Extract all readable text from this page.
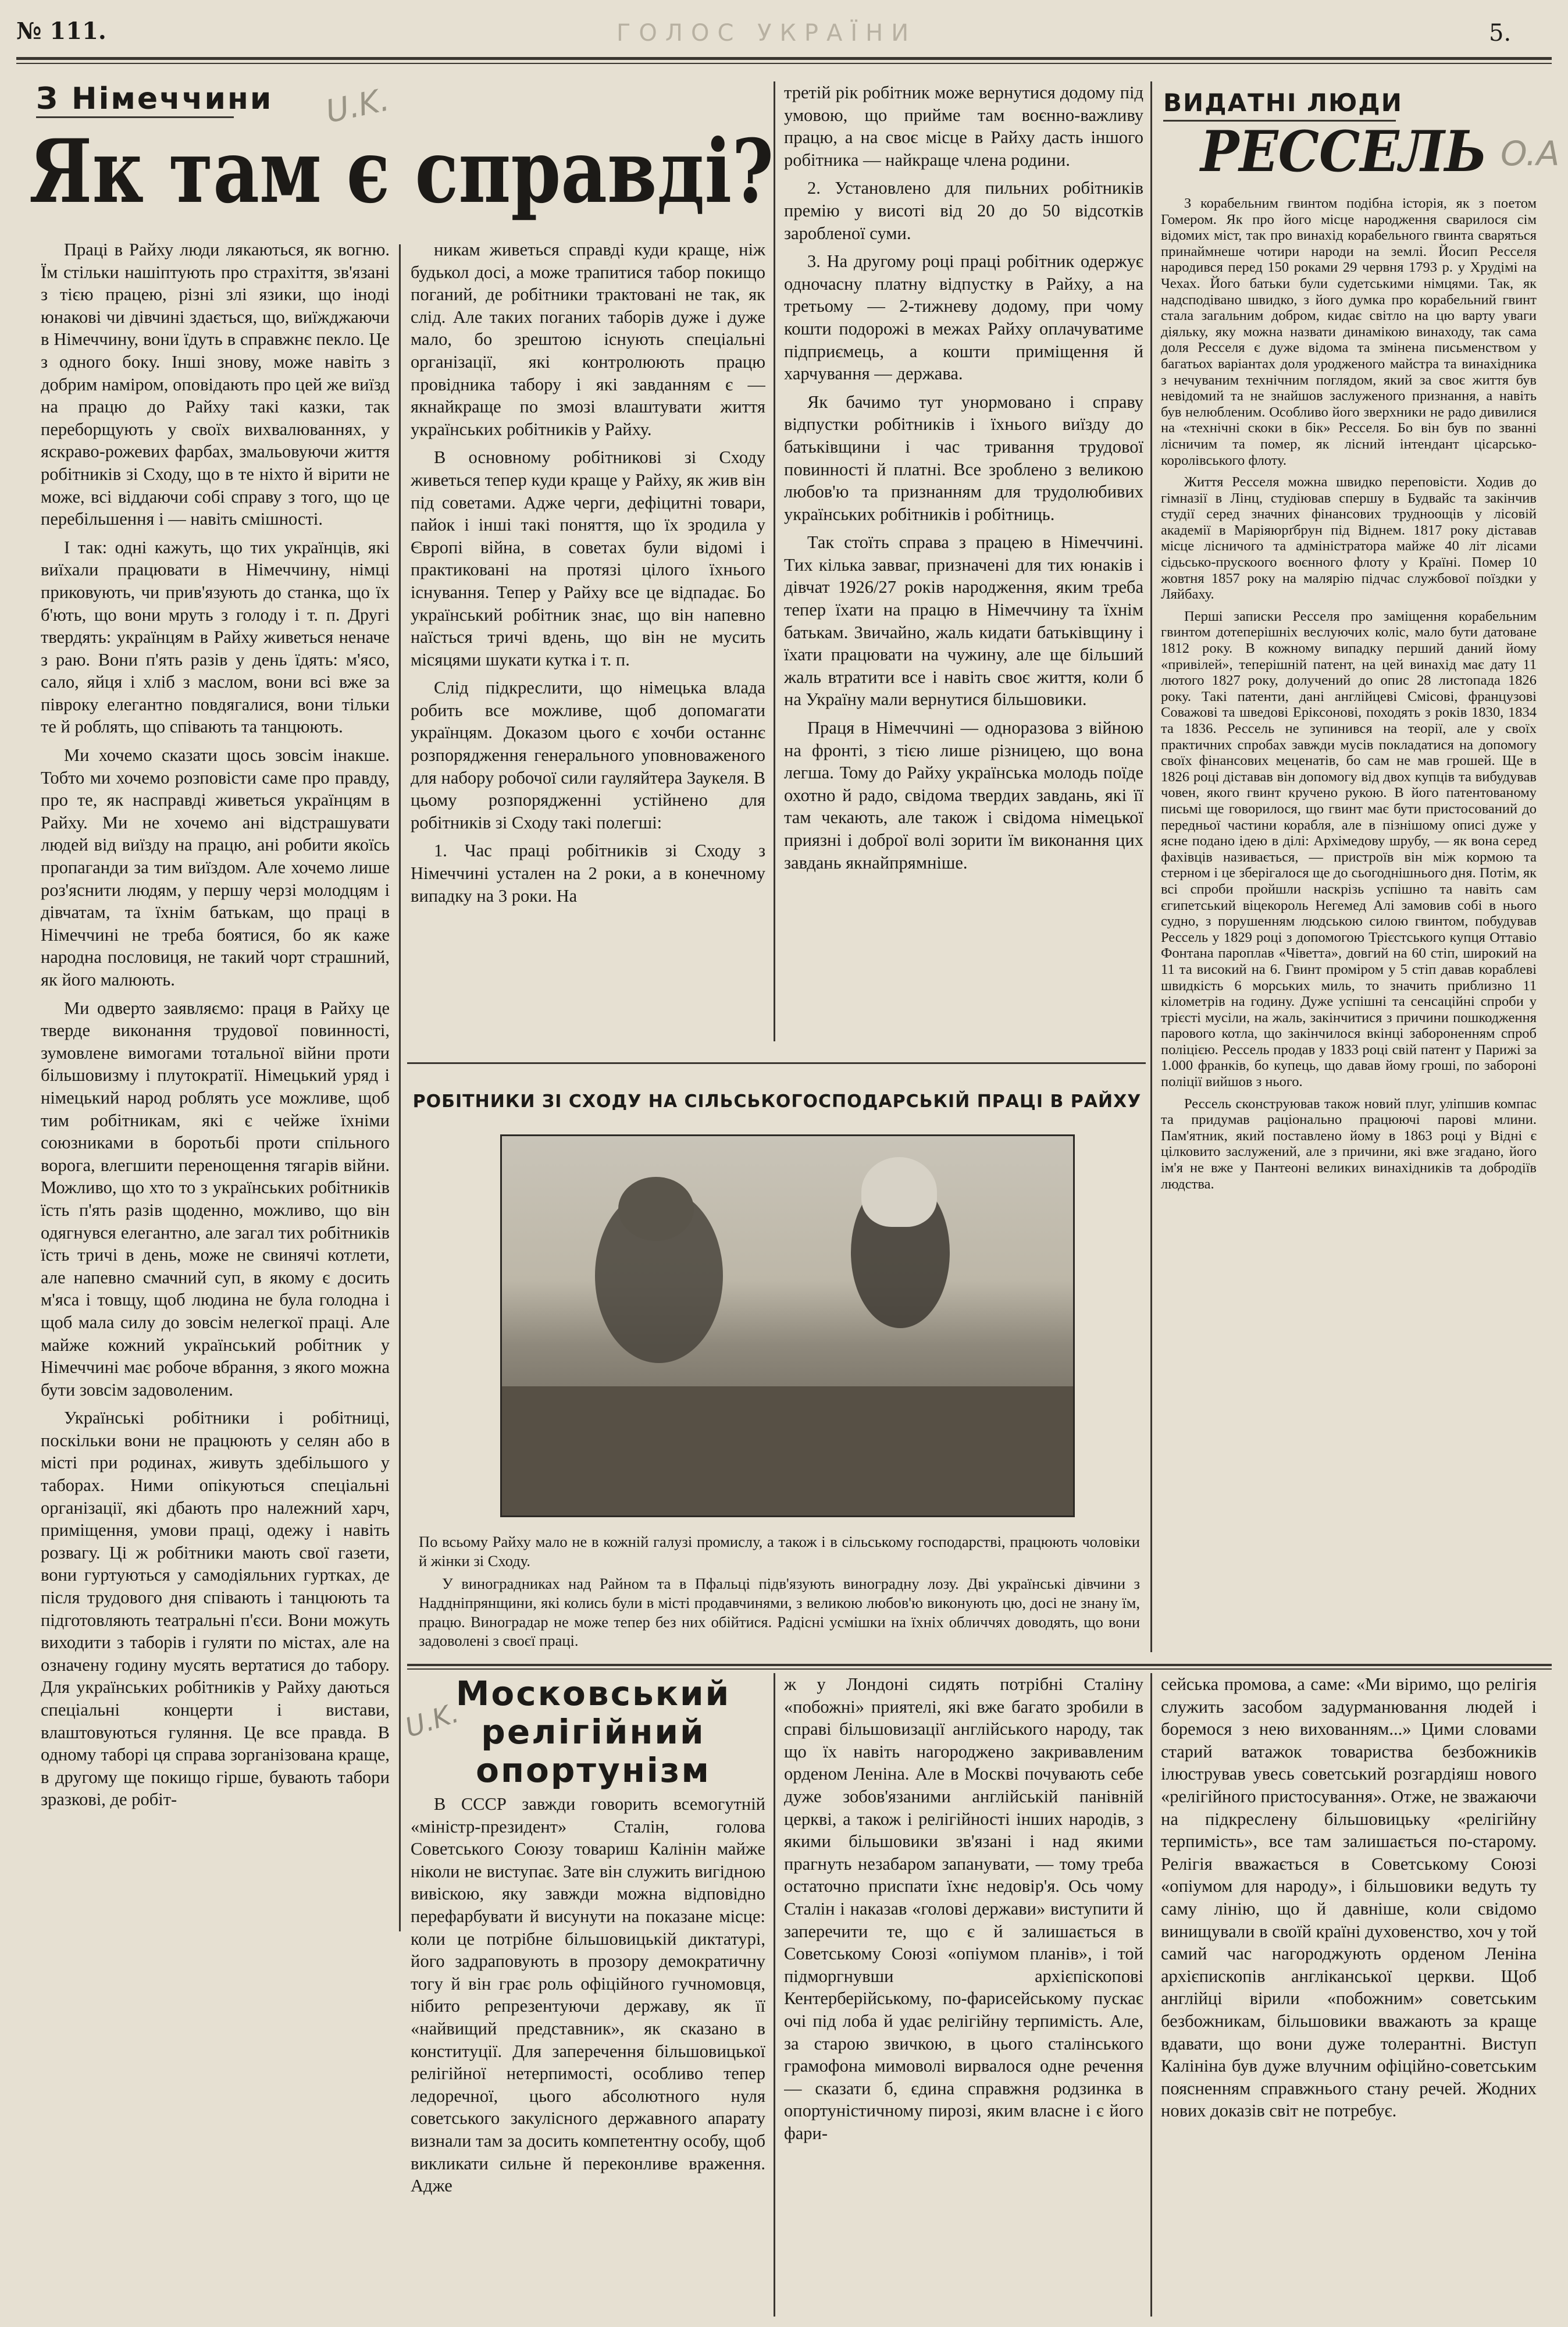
№ 111.	ГОЛОС УКРАЇНИ	5.
U.K.
O.A
U.K.
З Німеччини
Як там є справді?

Праці в Райху люди лякаються, як вогню. Їм стільки нашіптують про страхіття, зв'язані з тією працею, різні злі язики, що іноді юнакові чи дівчині здається, що, виїжджаючи в Німеччину, вони їдуть в справжнє пекло. Це з одного боку. Інші знову, може навіть з добрим наміром, оповідають про цей же виїзд на працю до Райху такі казки, так переборщують у своїх вихвалюваннях, у яскраво-рожевих фарбах, змальовуючи життя робітників зі Сходу, що в те ніхто й вірити не може, всі віддаючи собі справу з того, що це перебільшення і — навіть смішності.

І так: одні кажуть, що тих українців, які виїхали працювати в Німеччину, німці приковують, чи прив'язують до станка, що їх б'ють, що вони мруть з голоду і т. п. Другі твердять: українцям в Райху живеться неначе з раю. Вони п'ять разів у день їдять: м'ясо, сало, яйця і хліб з маслом, вони всі вже за півроку елегантно повдягалися, вони тільки те й роблять, що співають та танцюють.

Ми хочемо сказати щось зовсім інакше. Тобто ми хочемо розповісти саме про правду, про те, як насправді живеться українцям в Райху. Ми не хочемо ані відстрашувати людей від виїзду на працю, ані робити якоїсь пропаганди за тим виїздом. Але хочемо лише роз'яснити людям, у першу черзі молодцям і дівчатам, та їхнім батькам, що праці в Німеччині не треба боятися, бо як каже народна пословиця, не такий чорт страшний, як його малюють.

Ми одверто заявляємо: праця в Райху це тверде виконання трудової повинності, зумовлене вимогами тотальної війни проти більшовизму і плутократії. Німецький уряд і німецький народ роблять усе можливе, щоб тим робітникам, які є чейже їхніми союзниками в боротьбі проти спільного ворога, влегшити перенощення тягарів війни. Можливо, що хто то з українських робітників їсть п'ять разів щоденно, можливо, що він одягнувся елегантно, але загал тих робітників їсть тричі в день, може не свинячі котлети, але напевно смачний суп, в якому є досить м'яса і товщу, щоб людина не була голодна і щоб мала силу до зовсім нелегкої праці. Але майже кожний український робітник у Німеччині має робоче вбрання, з якого можна бути зовсім задоволеним.

Українські робітники і робітниці, поскільки вони не працюють у селян або в місті при родинах, живуть здебільшого у таборах. Ними опікуються спеціальні організації, які дбають про належний харч, приміщення, умови праці, одежу і навіть розвагу. Ці ж робітники мають свої газети, вони гуртуються у самодіяльних гуртках, де після трудового дня співають і танцюють та підготовляють театральні п'єси. Вони можуть виходити з таборів і гуляти по містах, але на означену годину мусять вертатися до табору. Для українських робітників у Райху даються спеціальні концерти і вистави, влаштовуються гуляння. Це все правда. В одному таборі ця справа зорганізована краще, в другому ще покищо гірше, бувають табори зразкові, де робіт-

никам живеться справді куди краще, ніж будькол досі, а може трапитися табор покищо поганий, де робітники трактовані не так, як слід. Але таких поганих таборів дуже і дуже мало, бо зрештою існують спеціальні організації, які контролюють працю провідника табору і які завданням є — якнайкраще по змозі влаштувати життя українських робітників у Райху.

В основному робітникові зі Сходу живеться тепер куди краще у Райху, як жив він під советами. Адже черги, дефіцитні товари, пайок і інші такі поняття, що їх зродила у Європі війна, в советах були відомі і практиковані на протязі цілого їхнього існування. Тепер у Райху все це відпадає. Бо український робітник знає, що він напевно наїсться тричі вдень, що він не мусить місяцями шукати кутка і т. п.

Слід підкреслити, що німецька влада робить все можливе, щоб допомагати українцям. Доказом цього є хочби останнє розпорядження генерального уповноваженого для набору робочої сили гауляйтера Заукеля. В цьому розпорядженні устійнено для робітників зі Сходу такі полегші:

1. Час праці робітників зі Сходу з Німеччині устален на 2 роки, а в конечному випадку на 3 роки. На

третій рік робітник може вернутися додому під умовою, що прийме там воєнно-важливу працю, а на своє місце в Райху дасть іншого робітника — найкраще члена родини.

2. Установлено для пильних робітників премію у висоті від 20 до 50 відсотків заробленої суми.

3. На другому році праці робітник одержує одночасну платну відпустку в Райху, а на третьому — 2-тижневу додому, при чому кошти подорожі в межах Райху оплачуватиме підприємець, а кошти приміщення й харчування — держава.

Як бачимо тут унормовано і справу відпустки робітників і їхнього виїзду до батьківщини і час тривання трудової повинності й платні. Все зроблено з великою любов'ю та признанням для трудолюбивих українських робітників і робітниць.

Так стоїть справа з працею в Німеччині. Тих кілька завваг, призначені для тих юнаків і дівчат 1926/27 років народження, яким треба тепер їхати на працю в Німеччину та їхнім батькам. Звичайно, жаль кидати батьківщину і їхати працювати на чужину, але ще більший жаль втратити все і навіть своє життя, коли б на Україну мали вернутися більшовики.

Праця в Німеччині — одноразова з війною на фронті, з тією лише різницею, що вона легша. Тому до Райху українська молодь поїде охотно й радо, свідома твердих завдань, які її там чекають, але також і свідома німецької приязні і доброї волі зорити їм виконання цих завдань якнайпрямніше.

РОБІТНИКИ ЗІ СХОДУ НА СІЛЬСЬКОГОСПОДАРСЬКІЙ ПРАЦІ В РАЙХУ
По всьому Райху мало не в кожній галузі промислу, а також і в сільському господарстві, працюють чоловіки й жінки зі Сходу.
У виноградниках над Райном та в Пфальці підв'язують виноградну лозу. Дві українські дівчини з Наддніпрянщини, які колись були в місті продавчинями, з великою любов'ю виконують цю, досі не знану їм, працю. Виноградар не може тепер без них обійтися. Радісні усмішки на їхніх обличчях доводять, що вони задоволені з своєї праці.
ВИДАТНІ ЛЮДИ
РЕССЕЛЬ

З корабельним гвинтом подібна історія, як з поетом Гомером. Як про його місце народження сварилося сім відомих міст, так про винахід корабельного гвинта сваряться принаймнеше чотири народи на землі. Йосип Ресселя народився перед 150 роками 29 червня 1793 р. у Хрудімі на Чехах. Його батьки були судетськими німцями. Так, як надсподівано швидко, з його думка про корабельний гвинт стала загальним добром, кидає світло на цю варту уваги діяльку, яку можна назвати динамікою винаходу, так сама доля Ресселя є дуже відома та змінена письменством у багатьох варіантах доля уродженого майстра та винахідника з нечуваним технічним поглядом, який за своє життя був невідомий та не знайшов заслуженого признання, а навіть був нелюбленим. Особливо його зверхники не радо дивилися на «технічні скоки в бік» Ресселя. Бо він був по званні лісничим та помер, як лісний інтендант цісарсько-королівського флоту.

Життя Ресселя можна швидко переповісти. Ходив до гімназії в Лінц, студіював спершу в Будвайс та закінчив студії серед значних фінансових трудноощів у лісовій академії в Маріяюрґбрун під Віднем. 1817 року діставав місце лісничого та адміністратора майже 40 літ лісами сідьсько-прускоого воєнного флоту у Країні. Помер 10 жовтня 1857 року на малярію підчас службової поїздки у Ляйбаху.

Перші записки Ресселя про заміщення корабельним гвинтом дотеперішніх веслуючих коліс, мало бути датоване 1812 року. В кожному випадку перший даний йому «привілей», теперішній патент, на цей винахід має дату 11 лютого 1827 року, долучений до опис 28 листопада 1826 року. Такі патенти, дані англійцеві Смісові, французові Соважові та шведові Еріксонові, походять з років 1830, 1834 та 1836. Рессель не зупинився на теорії, але у своїх практичних спробах завжди мусів покладатися на допомогу своїх фінансових меценатів, бо сам не мав грошей. Ще в 1826 році діставав він допомогу від двох купців та вибудував човен, якого гвинт кручено рукою. В його патентованому письмі ще говорилося, що гвинт має бути пристосований до передньої частини корабля, але в пізнішому описі дуже у ясне подано ідею в ділі: Архімедову шрубу, — як вона серед фахівців називається, — пристроїв він між кормою та стерном і це зберігалося ще до сьогоднішнього дня. Потім, як всі спроби пройшли наскрізь успішно та навіть сам єгипетський віцекороль Негемед Алі замовив собі в нього судно, з порушенням людською силою гвинтом, побудував Рессель у 1829 році з допомогою Трієстського купця Оттавіо Фонтана пароплав «Чіветта», довгий на 60 стіп, широкий на 11 та високий на 6. Гвинт проміром у 5 стіп давав кораблеві швидкість 6 морських миль, то значить приблизно 11 кілометрів на годину. Дуже успішні та сенсаційні спроби у трієсті мусіли, на жаль, закінчитися з причини пошкодження парового котла, що закінчилося вкінці забороненням спроб поліцією. Рессель продав у 1833 році свій патент у Парижі за 1.000 франків, бо купець, що давав йому гроші, по забороні поліції вийшов з нього.

Рессель сконструював також новий плуг, уліпшив компас та придумав раціонально працюючі парові млини. Пам'ятник, який поставлено йому в 1863 році у Відні є цілковито заслужений, але з причини, які вже згадано, його ім'я не вже у Пантеоні великих винахідників та добродіїв людства.

Московський релігійний опортунізм
В СССР завжди говорить всемогутній «міністр-президент» Сталін, голова Советського Союзу товариш Калінін майже ніколи не виступає. Зате він служить вигідною вивіскою, яку завжди можна відповідно перефарбувати й висунути на показане місце: коли це потрібне більшовицькій диктатурі, його задраповують в прозору демократичну тогу й він грає роль офіційного гучномовця, нібито репрезентуючи державу, як її «найвищий представник», як сказано в конституції. Для заперечення більшовицької релігійної нетерпимості, особливо тепер ледоречної, цього абсолютного нуля советського закулісного державного апарату визнали там за досить компетентну особу, щоб викликати сильне й переконливе враження. Адже
ж у Лондоні сидять потрібні Сталіну «побожні» приятелі, які вже багато зробили в справі більшовизації англійського народу, так що їх навіть нагороджено закривавленим орденом Леніна. Але в Москві почувають себе дуже зобов'язаними англійській панівній церкві, а також і релігійності інших народів, з якими більшовики зв'язані і над якими прагнуть незабаром запанувати, — тому треба остаточно приспати їхнє недовір'я. Ось чому Сталін і наказав «голові держави» виступити й заперечити те, що є й залишається в Советському Союзі «опіумом планів», і той підморгнувши архієпіскопові Кентерберійському, по-фарисейському пускає очі під лоба й удає релігійну терпимість. Але, за старою звичкою, в цього сталінського грамофона мимоволі вирвалося одне речення — сказати б, єдина справжня родзинка в опортуністичному пирозі, яким власне і є його фари-
сейська промова, а саме: «Ми віримо, що релігія служить засобом задурманювання людей і боремося з нею вихованням...» Цими словами старий ватажок товариства безбожників ілюстрував увесь советський розгардіяш нового «релігійного пристосування». Отже, не зважаючи на підкреслену більшовицьку «релігійну терпимість», все там залишається по-старому. Релігія вважається в Советському Союзі «опіумом для народу», і більшовики ведуть ту саму лінію, що й давніше, коли свідомо винищували в своїй країні духовенство, хоч у той самий час нагороджують орденом Леніна архієпископів англіканської церкви. Щоб англійці вірили «побожним» советським безбожникам, більшовики вважають за краще вдавати, що вони дуже толерантні. Виступ Калініна був дуже влучним офіційно-советським поясненням справжнього стану речей. Жодних нових доказів світ не потребує.
